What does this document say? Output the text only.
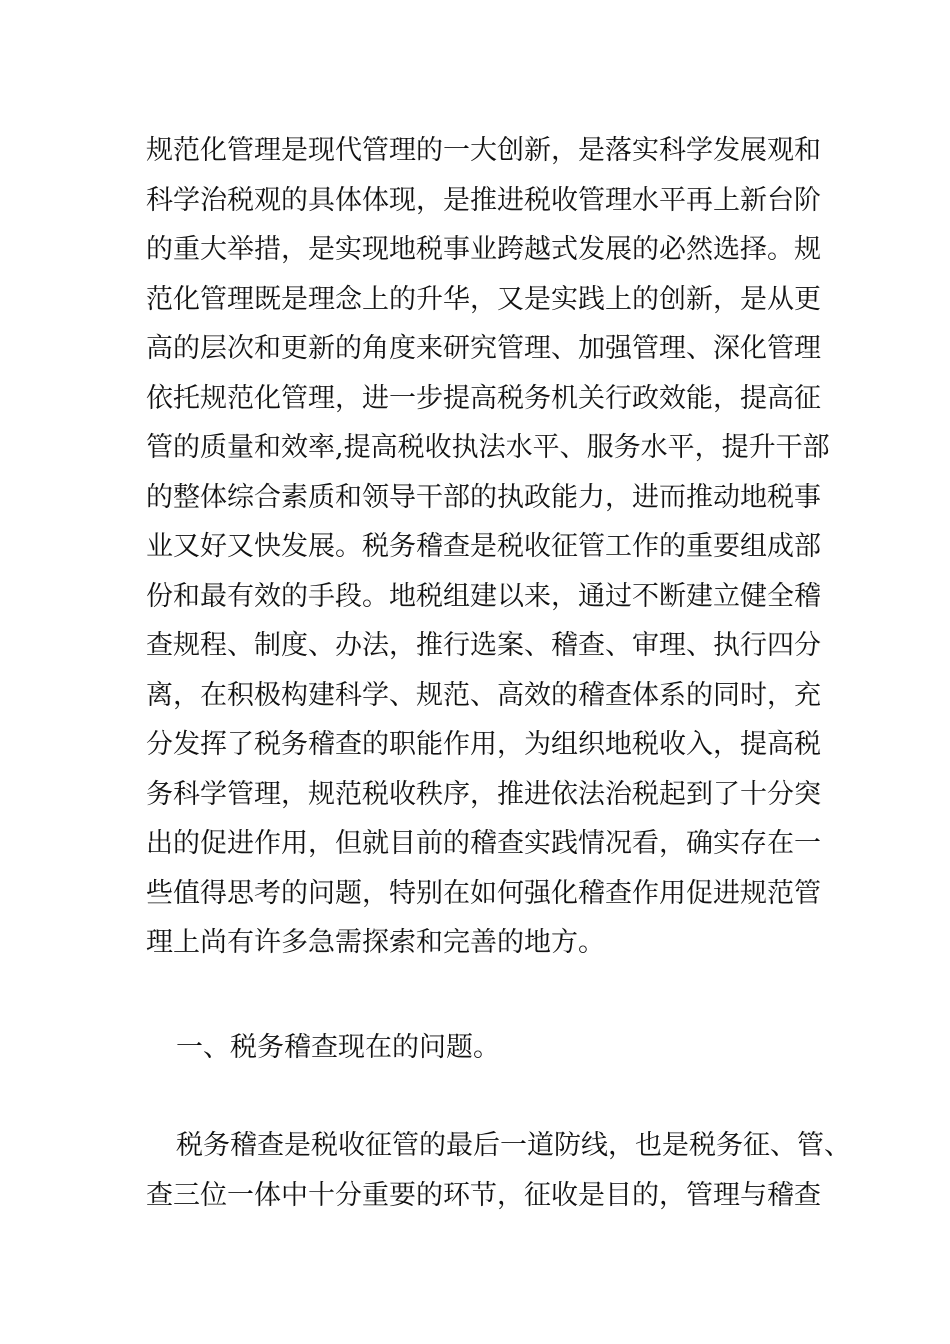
规范化管理是现代管理的一大创新，是落实科学发展观和
科学治税观的具体体现，是推进税收管理水平再上新台阶
的重大举措，是实现地税事业跨越式发展的必然选择。规
范化管理既是理念上的升华，又是实践上的创新，是从更
高的层次和更新的角度来研究管理、加强管理、深化管理
依托规范化管理，进一步提高税务机关行政效能，提高征
管的质量和效率,提高税收执法水平、服务水平，提升干部
的整体综合素质和领导干部的执政能力，进而推动地税事
业又好又快发展。税务稽查是税收征管工作的重要组成部
份和最有效的手段。地税组建以来，通过不断建立健全稽
查规程、制度、办法，推行选案、稽查、审理、执行四分
离，在积极构建科学、规范、高效的稽查体系的同时，充
分发挥了税务稽查的职能作用，为组织地税收入，提高税
务科学管理，规范税收秩序，推进依法治税起到了十分突
出的促进作用，但就目前的稽查实践情况看，确实存在一
些值得思考的问题，特别在如何强化稽查作用促进规范管
理上尚有许多急需探索和完善的地方。
一、税务稽查现在的问题。
税务稽查是税收征管的最后一道防线，也是税务征、管、
查三位一体中十分重要的环节，征收是目的，管理与稽查
